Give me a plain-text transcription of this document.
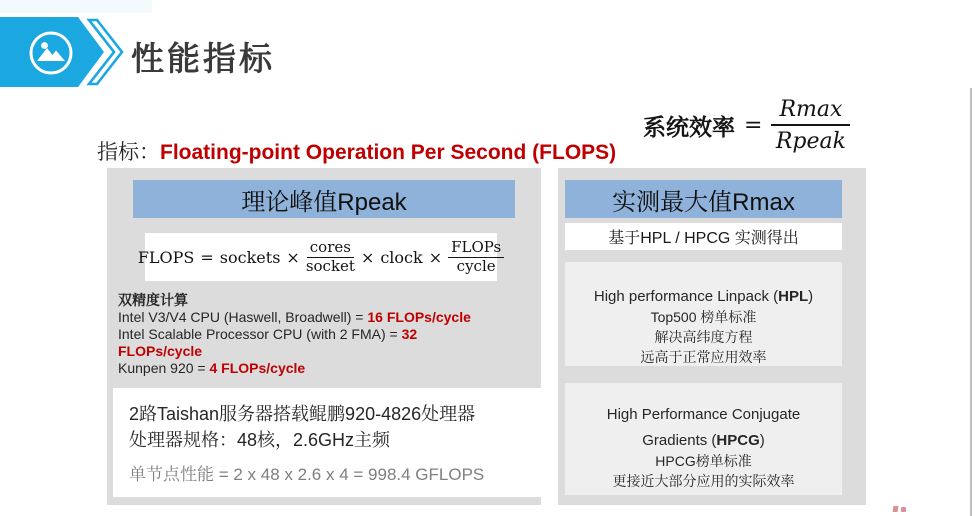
性能指标
系统效率 = $\frac{Rmax}{\text{Rpeak}}$
指标：Floating-point Operation Per Second (FLOPS)
理论峰值Rpeak
FLOPS = sockets × $\frac{\text{cores}}{\text{socket}}$ × clock × $\frac{\text{FLOPs}}{\text{cycle}}$
双精度计算
Intel V3/V4 CPU (Haswell, Broadwell) = 16 FLOPs/cycle
Intel Scalable Processor CPU (with 2 FMA) = 32
FLOPs/cycle
Kunpen 920 = 4 FLOPs/cycle
2路Taishan服务器搭载鲲鹏920-4826处理器
处理器规格：48核，2.6GHz主频
单节点性能 = 2 x 48 x 2.6 x 4 = 998.4 GFLOPS
实测最大值Rmax
基于HPL / HPCG 实测得出
High performance Linpack (HPL)
Top500 榜单标准
解决高纬度方程
远高于正常应用效率
High Performance Conjugate
Gradients (HPCG)
HPCG榜单标准
更接近大部分应用的实际效率
